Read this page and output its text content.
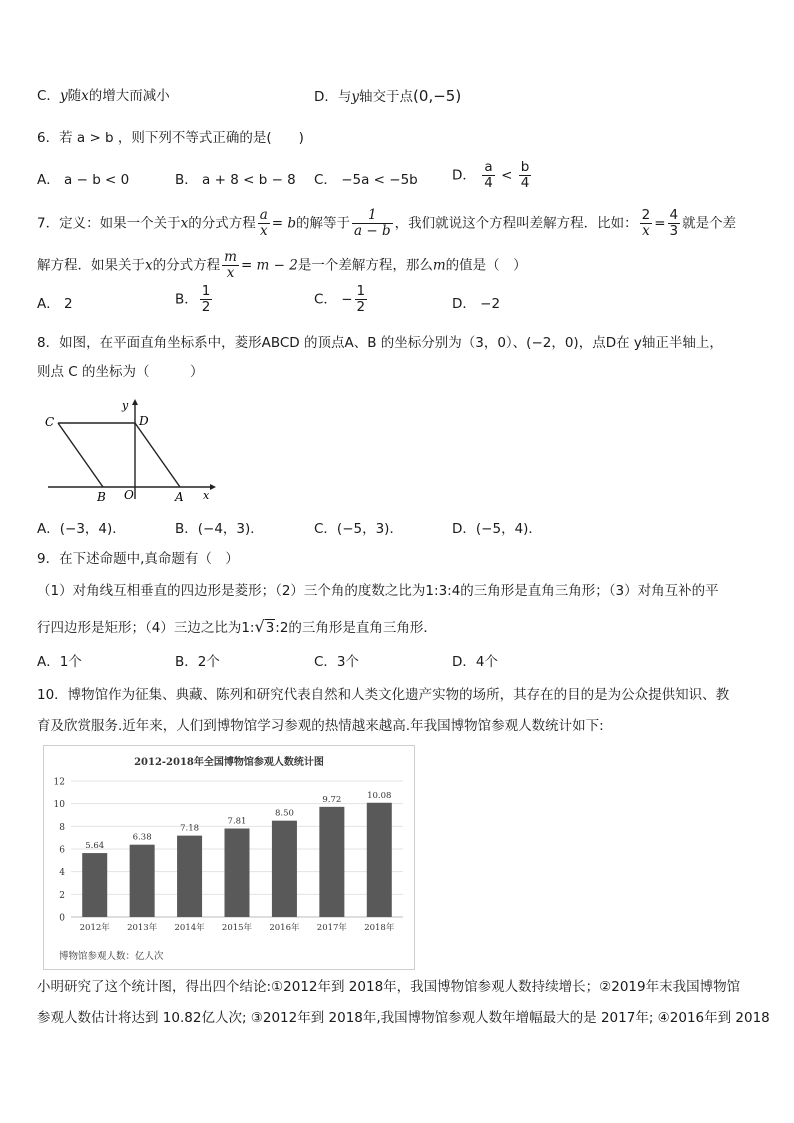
C．y随x的增大而减小	D．与y轴交于点(0,−5)
6．若 a > b ，则下列不等式正确的是(　　)
A． a − b < 0	B． a + 8 < b − 8 C． −5a < −5b	D． $\frac{a}{4} < \frac{b}{4}$
7．定义：如果一个关于x的分式方程 $\frac{a}{x} = b$的解等于 $\frac{1}{a - b}$ ，我们就说这个方程叫差解方程．比如： $\frac{2}{x} = \frac{4}{3}$ 就是个差
解方程．如果关于x的分式方程 $\frac{m}{x} = m - 2$是一个差解方程，那么m的值是（　）
A． 2	B． $\frac{1}{2}$	C． − $\frac{1}{2}$	D． −2
8．如图，在平面直角坐标系中，菱形ABCD 的顶点A、B 的坐标分别为（3，0）、(−2，0)，点D在 y轴正半轴上，
则点 C 的坐标为（　　　）
C	D
B O	A x
y
A．(−3，4)．	B．(−4，3)．	C．(−5，3)．	D．(−5，4)．
9．在下述命题中,真命题有（　）
（1）对角线互相垂直的四边形是菱形；（2）三个角的度数之比为1:3:4的三角形是直角三角形；（3）对角互补的平
行四边形是矩形；（4）三边之比为1:√3:2的三角形是直角三角形．
A．1个	B．2个	C．3个	D．4个
10．博物馆作为征集、典藏、陈列和研究代表自然和人类文化遗产实物的场所，其存在的目的是为公众提供知识、教
育及欣赏服务.近年来，人们到博物馆学习参观的热情越来越高.年我国博物馆参观人数统计如下:
2012-2018年全国博物馆参观人数统计图
0
2
4
6
8
10
12
5.64
6.38
7.18
7.81
8.50
9.72	10.08
2012年 2013年 2014年 2015年 2016年 2017年 2018年
博物馆参观人数：亿人次
小明研究了这个统计图，得出四个结论:①2012年到 2018年，我国博物馆参观人数持续增长；②2019年末我国博物馆
参观人数估计将达到 10.82亿人次; ③2012年到 2018年,我国博物馆参观人数年增幅最大的是 2017年; ④2016年到 2018
